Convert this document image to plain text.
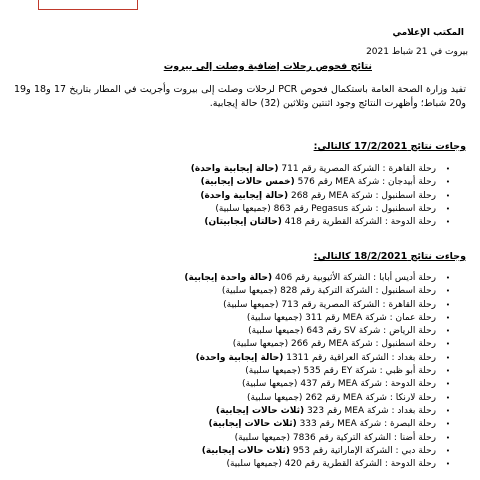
المكتب الإعلامي
بيروت في 21 شباط 2021
نتائج فحوص رحلات إضافية وصلت إلى بيروت
تفيد وزارة الصحة العامة باستكمال فحوص PCR لرحلات وصلت إلى بيروت وأجريت في المطار بتاريخ 17 و18 و19 و20 شباط؛ وأظهرت النتائج وجود اثنتين وثلاثين (32) حالة إيجابية.
وجاءت نتائج 17/2/2021 كالتالي:
•
رحلة القاهرة : الشركة المصرية رقم 711 (حالة إيجابية واحدة)
•
رحلة أبيدجان : شركة MEA رقم 576 (خمس حالات إيجابية)
•
رحلة اسطنبول : شركة MEA رقم 268 (حالة إيجابية واحدة)
•
رحلة اسطنبول : شركة Pegasus رقم 863 (جميعها سلبية)
•
رحلة الدوحة : الشركة القطرية رقم 418 (حالتان إيجابيتان)
وجاءت نتائج 18/2/2021 كالتالي:
•
رحلة أديس أبابا : الشركة الأثيوبية رقم 406 (حالة واحدة إيجابية)
•
رحلة اسطنبول : الشركة التركية رقم 828 (جميعها سلبية)
•
رحلة القاهرة : الشركة المصرية رقم 713 (جميعها سلبية)
•
رحلة عمان : شركة MEA رقم 311 (جميعها سلبية)
•
رحلة الرياض : شركة SV رقم 643 (جميعها سلبية)
•
رحلة اسطنبول : شركة MEA رقم 266 (جميعها سلبية)
•
رحلة بغداد : الشركة العراقية رقم 1311 (حالة إيجابية واحدة)
•
رحلة أبو ظبي : شركة EY رقم 535 (جميعها سلبية)
•
رحلة الدوحة : شركة MEA رقم 437 (جميعها سلبية)
•
رحلة لارنكا : شركة MEA رقم 262 (جميعها سلبية)
•
رحلة بغداد : شركة MEA رقم 323 (ثلاث حالات إيجابية)
•
رحلة البصرة : شركة MEA رقم 333 (ثلاث حالات إيجابية)
•
رحلة أضنا : الشركة التركية رقم 7836 (جميعها سلبية)
•
رحلة دبي : الشركة الإماراتية رقم 953 (ثلاث حالات إيجابية)
•
رحلة الدوحة : الشركة القطرية رقم 420 (جميعها سلبية)
